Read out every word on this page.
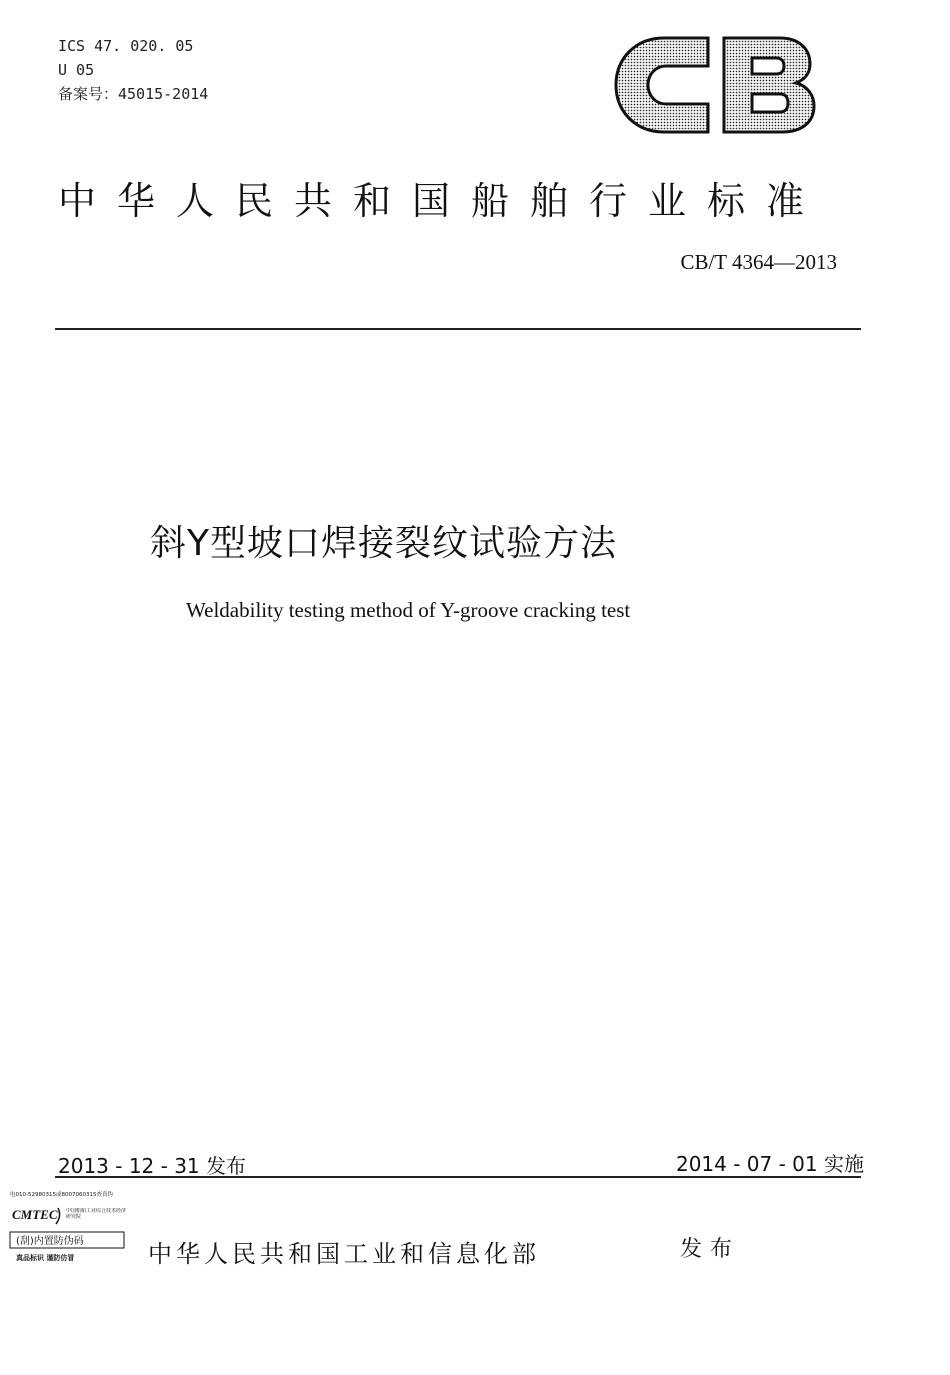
ICS 47. 020. 05
U 05
备案号：45015-2014
中华人民共和国船舶行业标准
CB/T 4364—2013
斜Y型坡口焊接裂纹试验方法
Weldability testing method of Y-groove cracking test
2013 - 12 - 31 发布	2014 - 07 - 01 实施
电010-52980315或8007060315查真伪
CMTEC 中国船舶工业综合技术经济研究院
(刮)内置防伪码
真品标识 谨防仿冒	中华人民共和国工业和信息化部	发布
